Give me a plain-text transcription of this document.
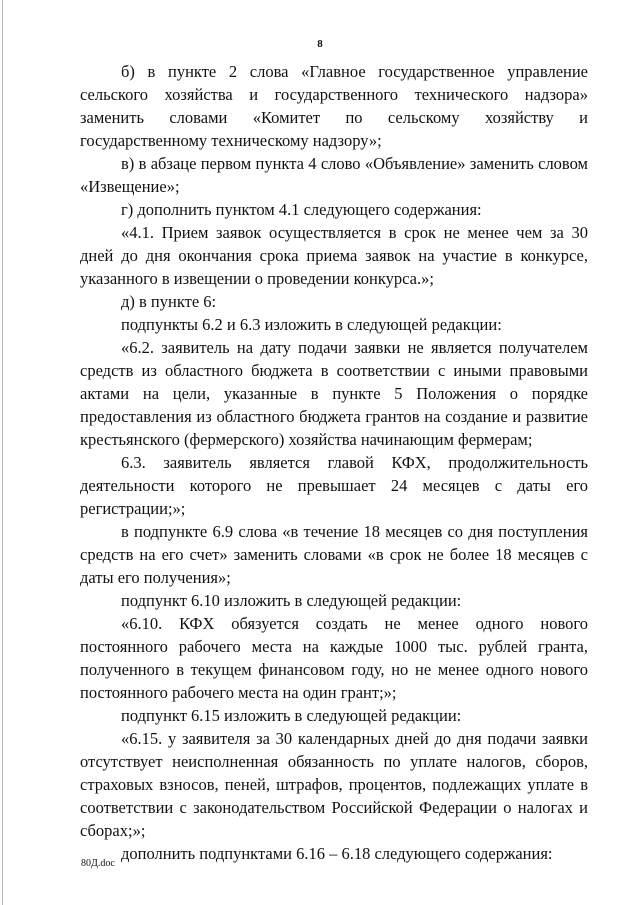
8

б) в пункте 2 слова «Главное государственное управление сельского хозяйства и государственного технического надзора» заменить словами «Комитет по сельскому хозяйству и государственному техническому надзору»;

в) в абзаце первом пункта 4 слово «Объявление» заменить словом «Извещение»;

г) дополнить пунктом 4.1 следующего содержания:

«4.1. Прием заявок осуществляется в срок не менее чем за 30 дней до дня окончания срока приема заявок на участие в конкурсе, указанного в извещении о проведении конкурса.»;

д) в пункте 6:

подпункты 6.2 и 6.3 изложить в следующей редакции:

«6.2. заявитель на дату подачи заявки не является получателем средств из областного бюджета в соответствии с иными правовыми актами на цели, указанные в пункте 5 Положения о порядке предоставления из областного бюджета грантов на создание и развитие крестьянского (фермерского) хозяйства начинающим фермерам;

6.3. заявитель является главой КФХ, продолжительность деятельности которого не превышает 24 месяцев с даты его регистрации;»;

в подпункте 6.9 слова «в течение 18 месяцев со дня поступления средств на его счет» заменить словами «в срок не более 18 месяцев с даты его получения»;

подпункт 6.10 изложить в следующей редакции:

«6.10. КФХ обязуется создать не менее одного нового постоянного рабочего места на каждые 1000 тыс. рублей гранта, полученного в текущем финансовом году, но не менее одного нового постоянного рабочего места на один грант;»;

подпункт 6.15 изложить в следующей редакции:

«6.15. у заявителя за 30 календарных дней до дня подачи заявки отсутствует неисполненная обязанность по уплате налогов, сборов, страховых взносов, пеней, штрафов, процентов, подлежащих уплате в соответствии с законодательством Российской Федерации о налогах и сборах;»;

дополнить подпунктами 6.16 – 6.18 следующего содержания:

80Д.doc
